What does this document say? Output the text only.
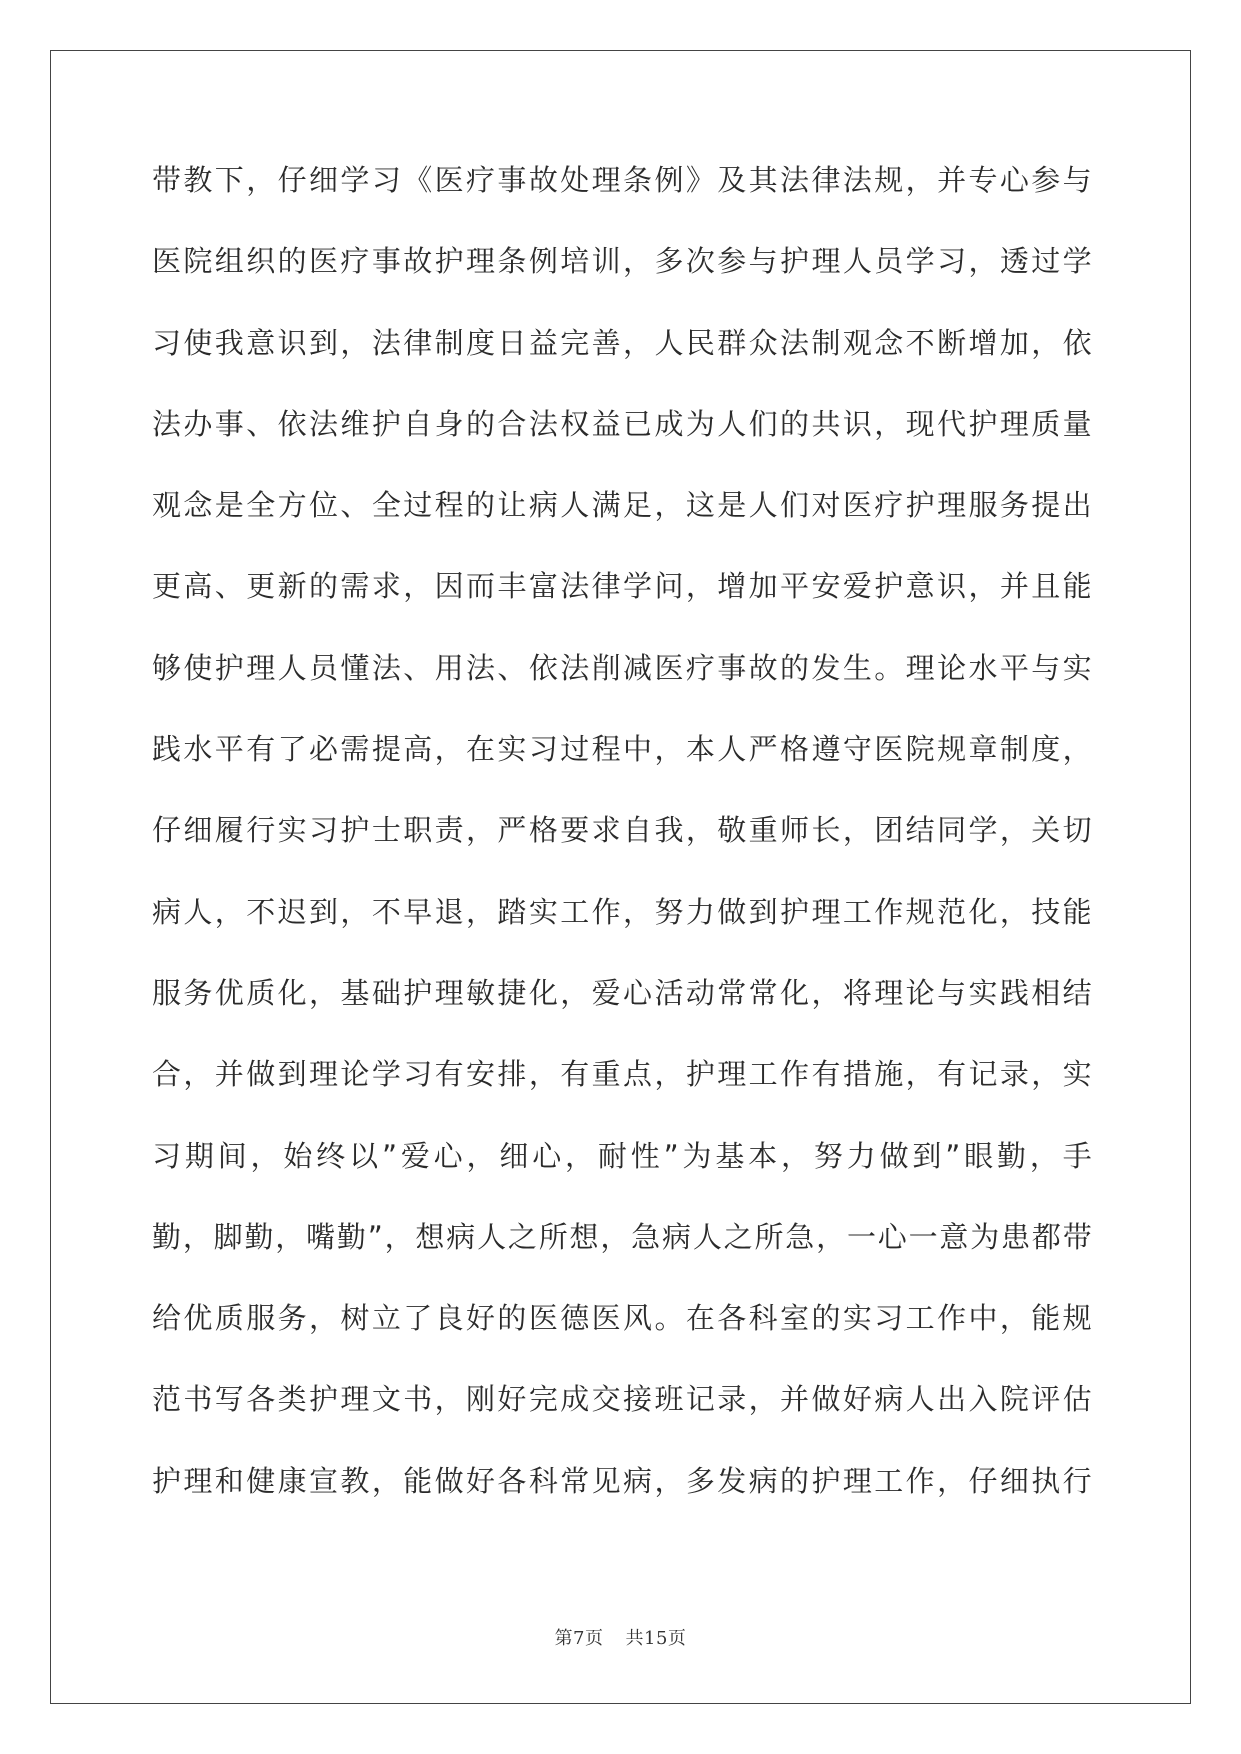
带教下，仔细学习《医疗事故处理条例》及其法律法规，并专心参与
医院组织的医疗事故护理条例培训，多次参与护理人员学习，透过学
习使我意识到，法律制度日益完善，人民群众法制观念不断增加，依
法办事、依法维护自身的合法权益已成为人们的共识，现代护理质量
观念是全方位、全过程的让病人满足，这是人们对医疗护理服务提出
更高、更新的需求，因而丰富法律学问，增加平安爱护意识，并且能
够使护理人员懂法、用法、依法削减医疗事故的发生。理论水平与实
践水平有了必需提高，在实习过程中，本人严格遵守医院规章制度，
仔细履行实习护士职责，严格要求自我，敬重师长，团结同学，关切
病人，不迟到，不早退，踏实工作，努力做到护理工作规范化，技能
服务优质化，基础护理敏捷化，爱心活动常常化，将理论与实践相结
合，并做到理论学习有安排，有重点，护理工作有措施，有记录，实
习期间，始终以”爱心，细心，耐性”为基本，努力做到”眼勤，手
勤，脚勤，嘴勤”，想病人之所想，急病人之所急，一心一意为患都带
给优质服务，树立了良好的医德医风。在各科室的实习工作中，能规
范书写各类护理文书，刚好完成交接班记录，并做好病人出入院评估
护理和健康宣教，能做好各科常见病，多发病的护理工作，仔细执行
第7页 共15页
